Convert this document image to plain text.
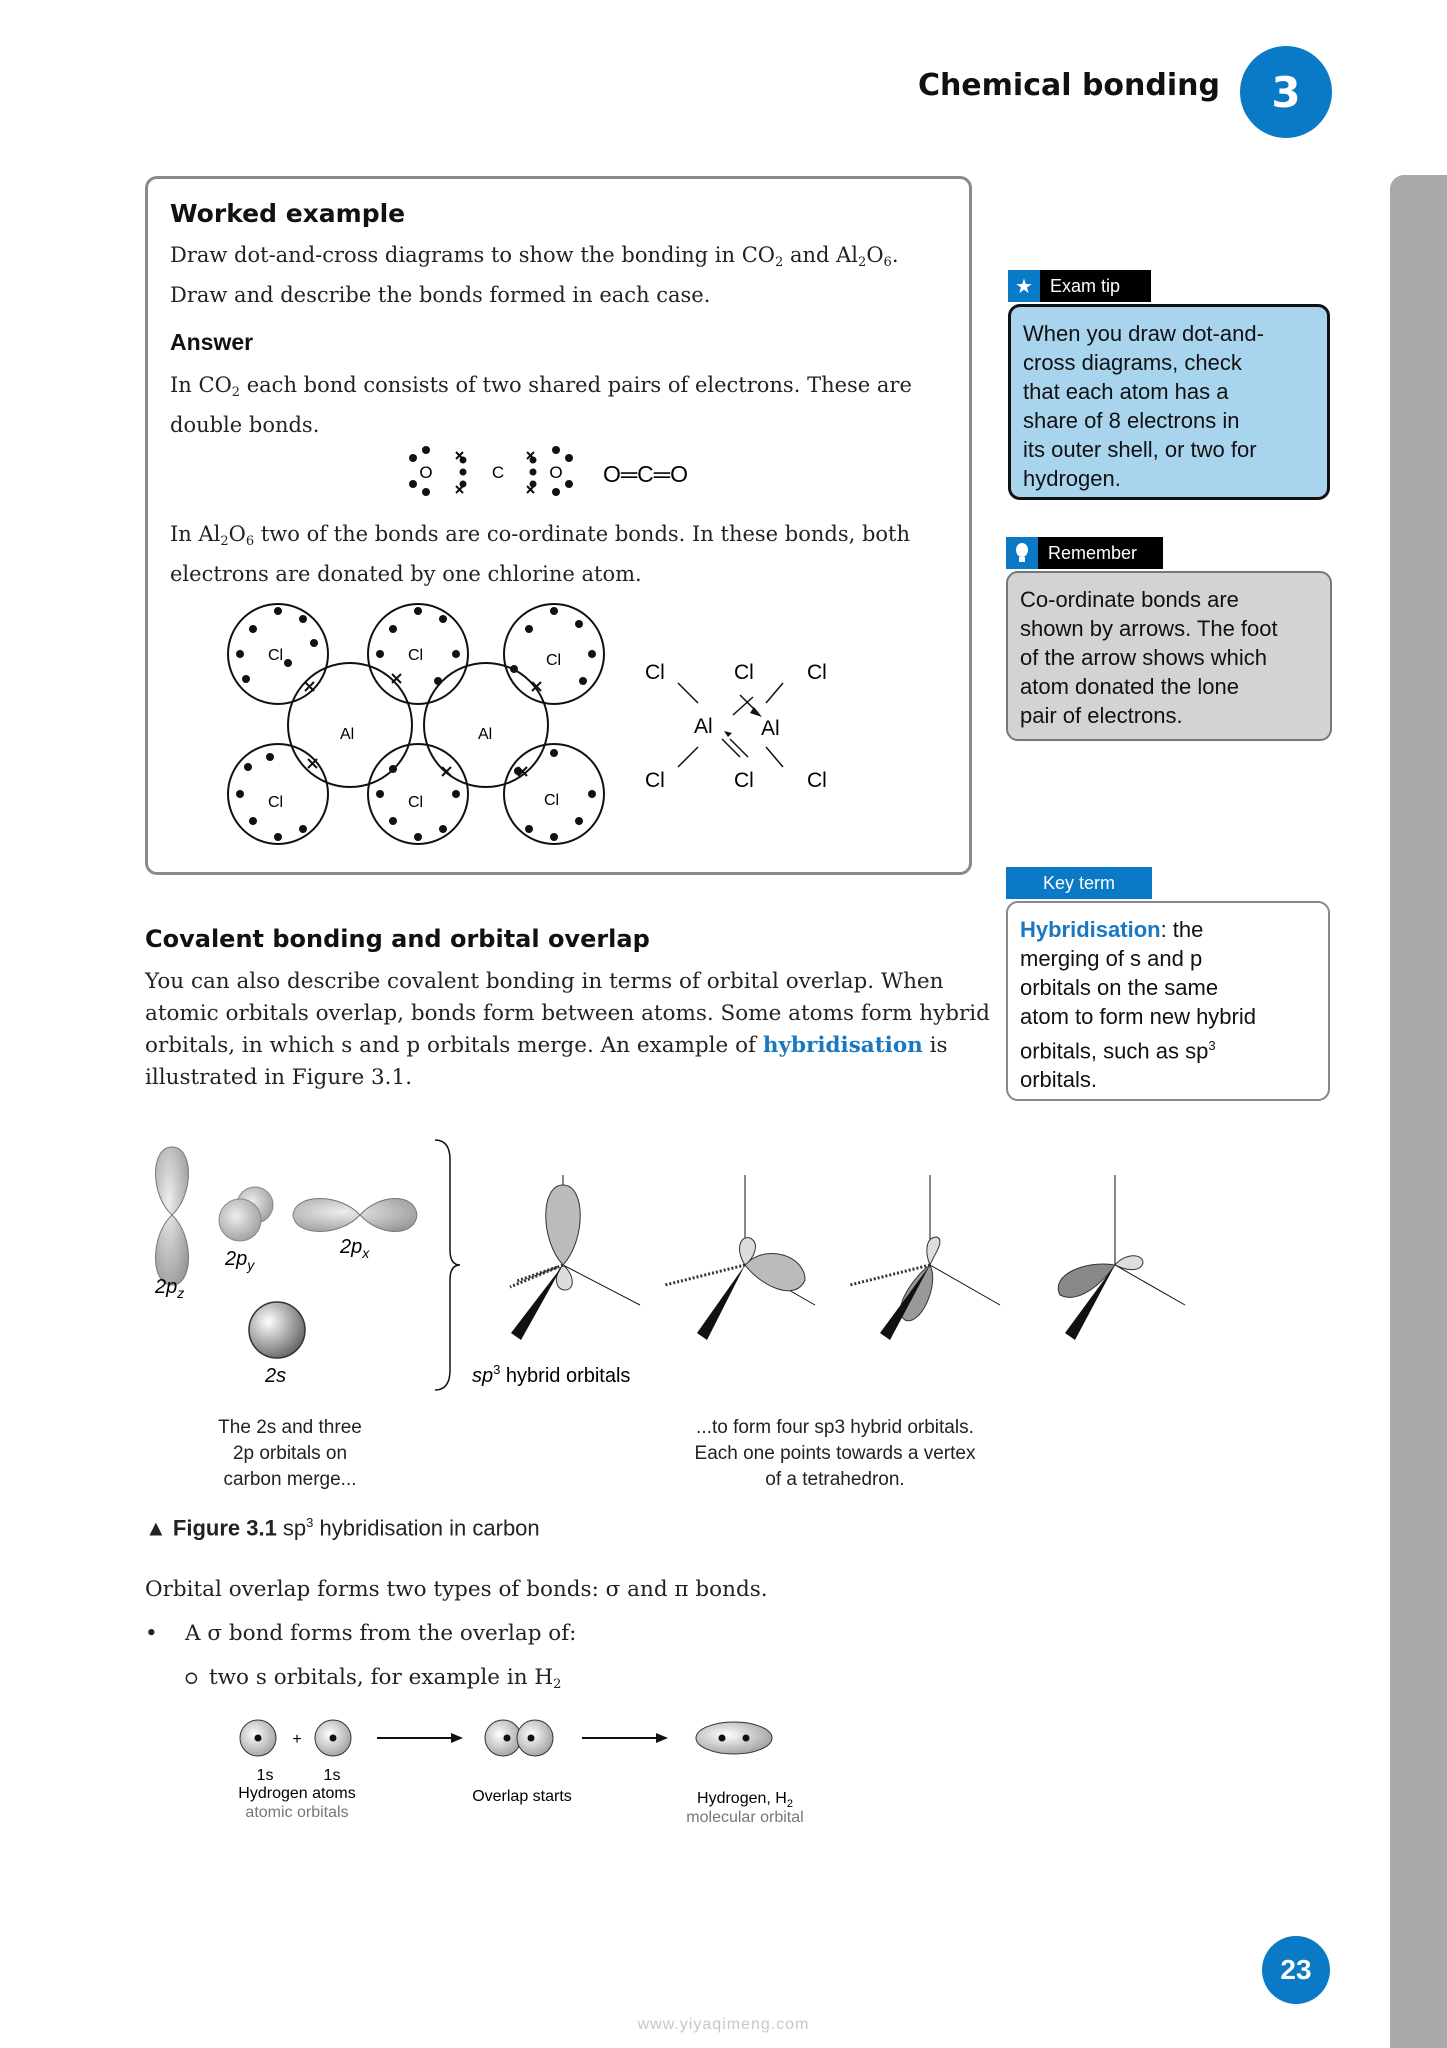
Chemical bonding	3
Worked example
Draw dot-and-cross diagrams to show the bonding in $CO_2$ and $Al_2O_6$.
Draw and describe the bonds formed in each case.
Answer
In $CO_2$ each bond consists of two shared pairs of electrons. These are
double bonds.
O	C	O O═C═O
In $Al_2O_6$ two of the bonds are co-ordinate bonds. In these bonds, both
electrons are donated by one chlorine atom.
Cl	Cl	Cl
Cl	Cl	Cl
Al	Al
Cl	Cl	Cl
Al Al
Cl	Cl	Cl
★ Exam tip
When you draw dot-and-
cross diagrams, check
that each atom has a
share of 8 electrons in
its outer shell, or two for
hydrogen.
Remember
Co-ordinate bonds are
shown by arrows. The foot
of the arrow shows which
atom donated the lone
pair of electrons.
Key term
Hybridisation: the
merging of s and p
orbitals on the same
atom to form new hybrid
orbitals, such as $sp^3$
orbitals.
Covalent bonding and orbital overlap
You can also describe covalent bonding in terms of orbital overlap. When
atomic orbitals overlap, bonds form between atoms. Some atoms form hybrid
orbitals, in which s and p orbitals merge. An example of hybridisation is
illustrated in Figure 3.1.
$2p_z$
$2p_y$
$2p_x$
2s	$sp^3$ hybrid orbitals
The 2s and three
2p orbitals on
carbon merge...
...to form four sp3 hybrid orbitals.
Each one points towards a vertex
of a tetrahedron.
▲ Figure 3.1 $sp^3$ hybridisation in carbon
Orbital overlap forms two types of bonds: σ and π bonds.
• A σ bond forms from the overlap of:
⭘ two s orbitals, for example in $H_2$
+
1s	1s
Hydrogen atoms
atomic orbitals
Overlap starts	Hydrogen, $H_2$
molecular orbital
23
www.yiyaqimeng.com
